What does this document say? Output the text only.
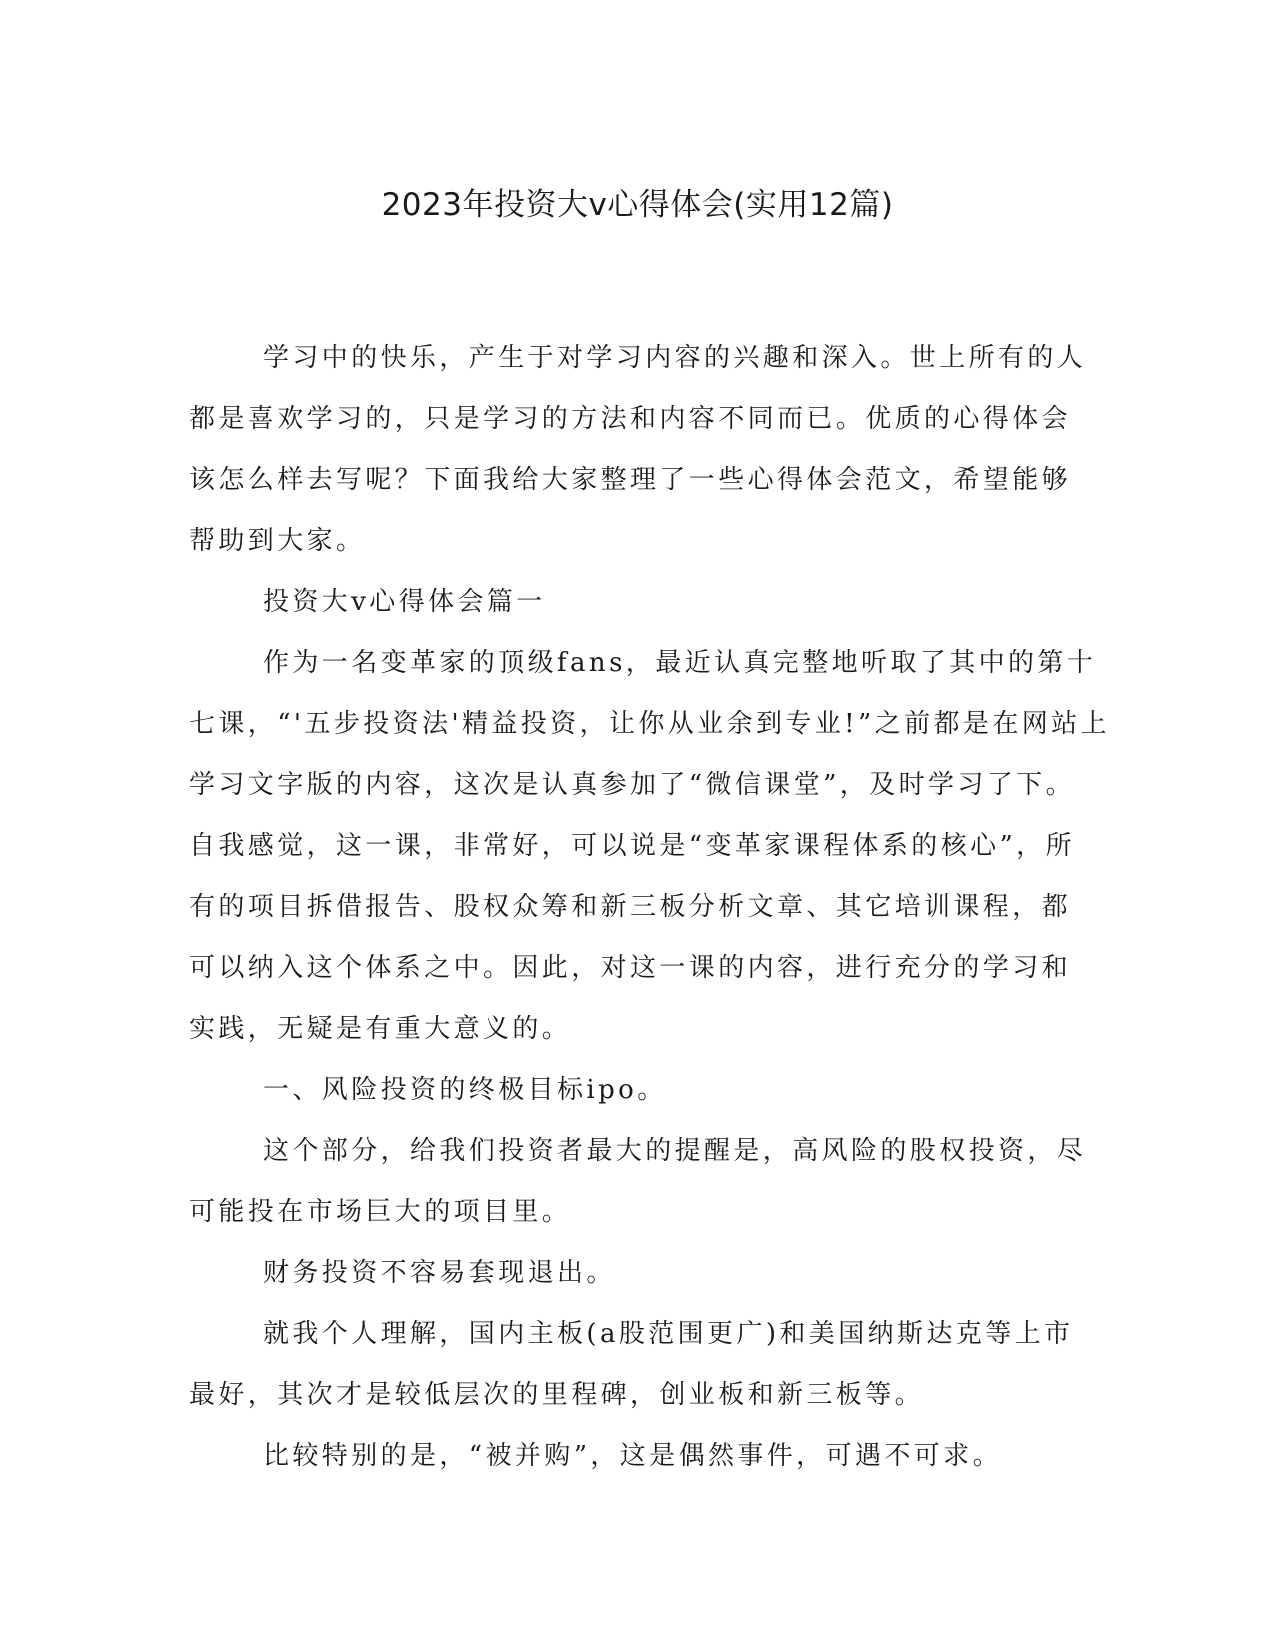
2023年投资大v心得体会(实用12篇)

学习中的快乐，产生于对学习内容的兴趣和深入。世上所有的人
都是喜欢学习的，只是学习的方法和内容不同而已。优质的心得体会
该怎么样去写呢？下面我给大家整理了一些心得体会范文，希望能够
帮助到大家。

投资大v心得体会篇一

作为一名变革家的顶级fans，最近认真完整地听取了其中的第十
七课，“'五步投资法'精益投资，让你从业余到专业!”之前都是在网站上
学习文字版的内容，这次是认真参加了“微信课堂”，及时学习了下。
自我感觉，这一课，非常好，可以说是“变革家课程体系的核心”，所
有的项目拆借报告、股权众筹和新三板分析文章、其它培训课程，都
可以纳入这个体系之中。因此，对这一课的内容，进行充分的学习和
实践，无疑是有重大意义的。

一、风险投资的终极目标ipo。

这个部分，给我们投资者最大的提醒是，高风险的股权投资，尽
可能投在市场巨大的项目里。

财务投资不容易套现退出。

就我个人理解，国内主板(a股范围更广)和美国纳斯达克等上市
最好，其次才是较低层次的里程碑，创业板和新三板等。

比较特别的是，“被并购”，这是偶然事件，可遇不可求。
